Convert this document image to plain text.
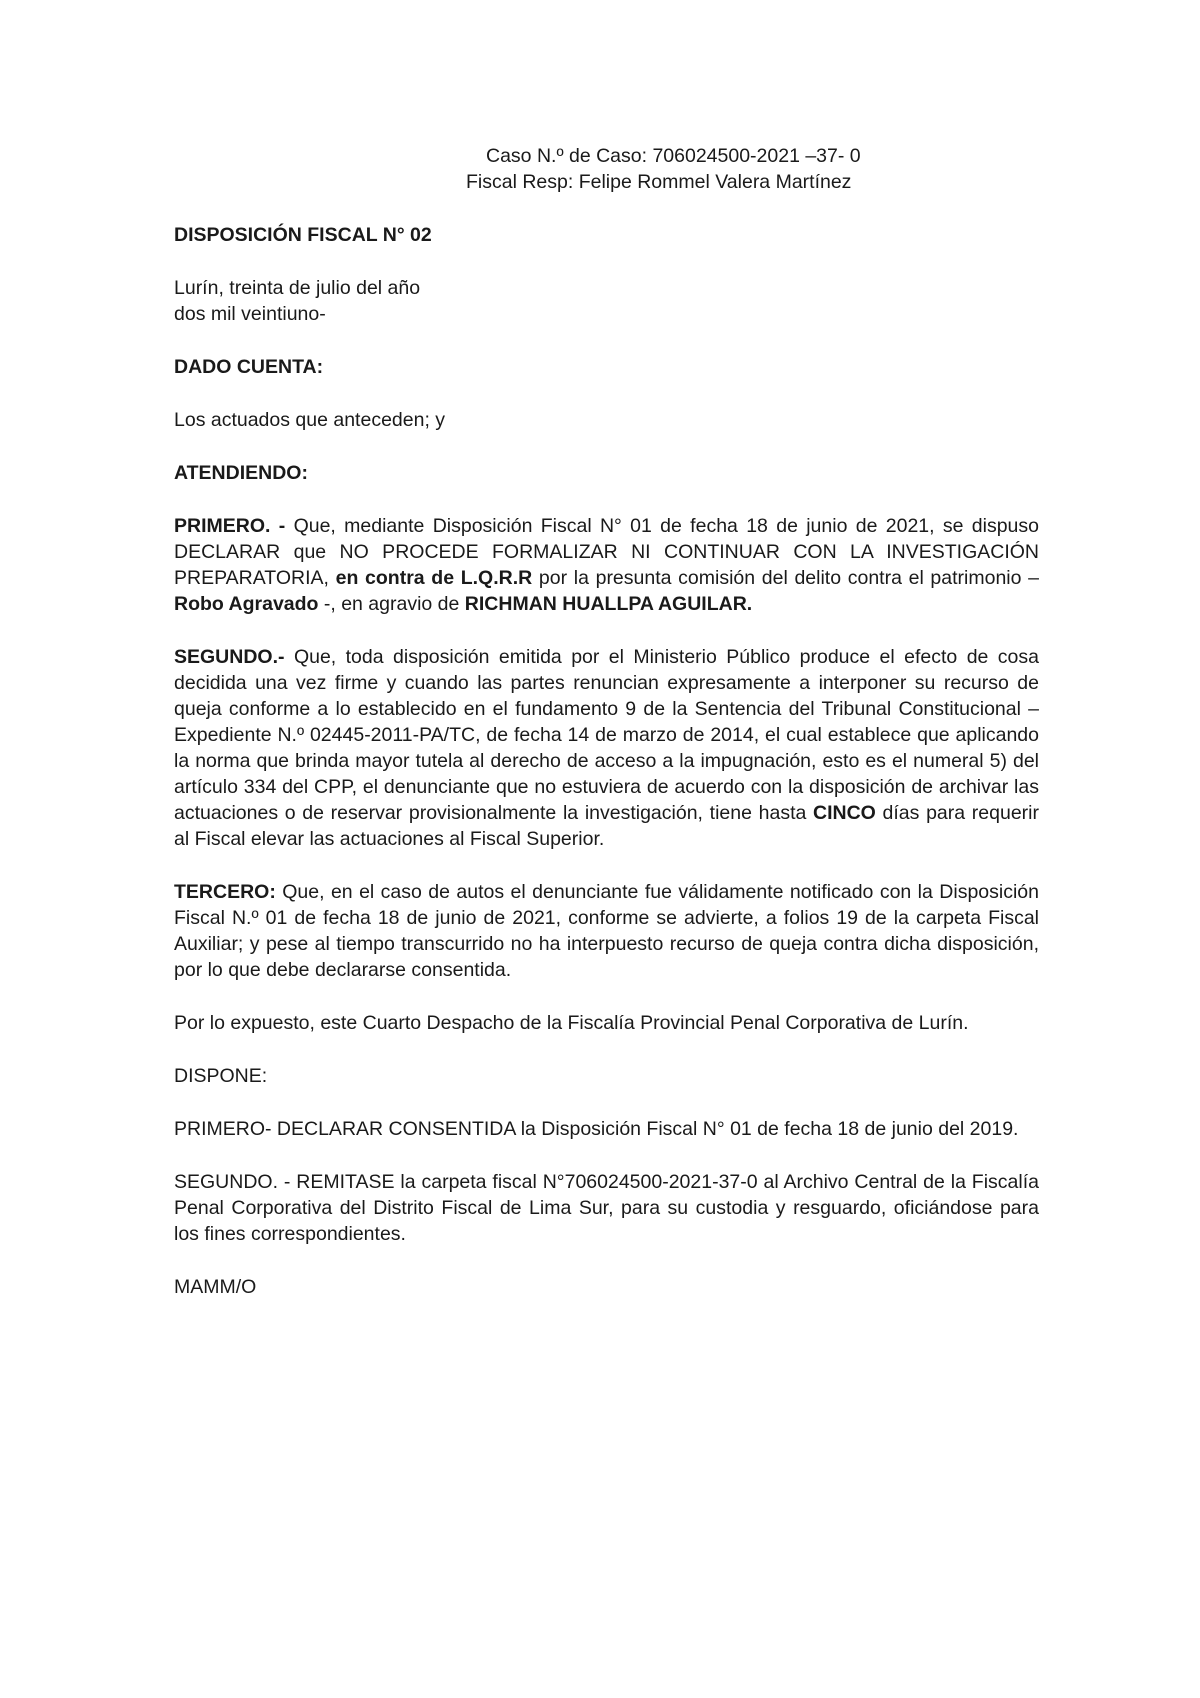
Caso N.º de Caso: 706024500-2021 –37- 0
Fiscal Resp: Felipe Rommel Valera Martínez

DISPOSICIÓN FISCAL N° 02

Lurín, treinta de julio del año
dos mil veintiuno-

DADO CUENTA:

Los actuados que anteceden; y

ATENDIENDO:

PRIMERO. - Que, mediante Disposición Fiscal N° 01 de fecha 18 de junio de 2021, se dispuso DECLARAR que NO PROCEDE FORMALIZAR NI CONTINUAR CON LA INVESTIGACIÓN PREPARATORIA, en contra de L.Q.R.R por la presunta comisión del delito contra el patrimonio – Robo Agravado -, en agravio de RICHMAN HUALLPA AGUILAR.

SEGUNDO.- Que, toda disposición emitida por el Ministerio Público produce el efecto de cosa decidida una vez firme y cuando las partes renuncian expresamente a interponer su recurso de queja conforme a lo establecido en el fundamento 9 de la Sentencia del Tribunal Constitucional – Expediente N.º 02445-2011-PA/TC, de fecha 14 de marzo de 2014, el cual establece que aplicando la norma que brinda mayor tutela al derecho de acceso a la impugnación, esto es el numeral 5) del artículo 334 del CPP, el denunciante que no estuviera de acuerdo con la disposición de archivar las actuaciones o de reservar provisionalmente la investigación, tiene hasta CINCO días para requerir al Fiscal elevar las actuaciones al Fiscal Superior.

TERCERO: Que, en el caso de autos el denunciante fue válidamente notificado con la Disposición Fiscal N.º 01 de fecha 18 de junio de 2021, conforme se advierte, a folios 19 de la carpeta Fiscal Auxiliar; y pese al tiempo transcurrido no ha interpuesto recurso de queja contra dicha disposición, por lo que debe declararse consentida.

Por lo expuesto, este Cuarto Despacho de la Fiscalía Provincial Penal Corporativa de Lurín.

DISPONE:

PRIMERO- DECLARAR CONSENTIDA la Disposición Fiscal N° 01 de fecha 18 de junio del 2019.

SEGUNDO. - REMITASE la carpeta fiscal N°706024500-2021-37-0 al Archivo Central de la Fiscalía Penal Corporativa del Distrito Fiscal de Lima Sur, para su custodia y resguardo, oficiándose para los fines correspondientes.

MAMM/O
